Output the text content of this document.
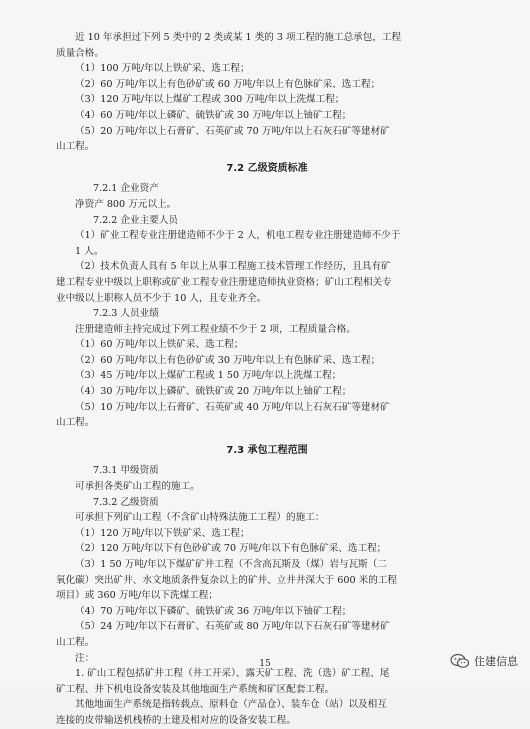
近 10 年承担过下列 5 类中的 2 类或某 1 类的 3 项工程的施工总承包，工程

质量合格。

（1）100 万吨/年以上铁矿采、选工程；

（2）60 万吨/年以上有色砂矿或 60 万吨/年以上有色脉矿采、选工程；

（3）120 万吨/年以上煤矿工程或 300 万吨/年以上洗煤工程；

（4）60 万吨/年以上磷矿、硫铁矿或 30 万吨/年以上铀矿工程；

（5）20 万吨/年以上石膏矿、石英矿或 70 万吨/年以上石灰石矿等建材矿

山工程。

7.2 乙级资质标准

7.2.1 企业资产

净资产 800 万元以上。

7.2.2 企业主要人员

（1）矿业工程专业注册建造师不少于 2 人，机电工程专业注册建造师不少于

1 人。

（2）技术负责人具有 5 年以上从事工程施工技术管理工作经历，且具有矿

建工程专业中级以上职称或矿业工程专业注册建造师执业资格；矿山工程相关专

业中级以上职称人员不少于 10 人，且专业齐全。

7.2.3 人员业绩

注册建造师主持完成过下列工程业绩不少于 2 项，工程质量合格。

（1）60 万吨/年以上铁矿采、选工程；

（2）60 万吨/年以上有色砂矿或 30 万吨/年以上有色脉矿采、选工程；

（3）45 万吨/年以上煤矿工程或 1 50 万吨/年以上洗煤工程；

（4）30 万吨/年以上磷矿、硫铁矿或 20 万吨/年以上铀矿工程；

（5）10 万吨/年以上石膏矿、石英矿或 40 万吨/年以上石灰石矿等建材矿

山工程。

7.3 承包工程范围

7.3.1 甲级资质

可承担各类矿山工程的施工。

7.3.2 乙级资质

可承担下列矿山工程（不含矿山特殊法施工工程）的施工：

（1）120 万吨/年以下铁矿采、选工程；

（2）120 万吨/年以下有色砂矿或 70 万吨/年以下有色脉矿采、选工程；

（3）1 50 万吨/年以下煤矿矿井工程（不含高瓦斯及（煤）岩与瓦斯（二

氧化碳）突出矿井、水文地质条件复杂以上的矿井、立井井深大于 600 米的工程

项目）或 360 万吨/年以下洗煤工程；

（4）70 万吨/年以下磷矿、硫铁矿或 36 万吨/年以下铀矿工程；

（5）24 万吨/年以下石膏矿、石英矿或 80 万吨/年以下石灰石矿等建材矿

山工程。

注：

1. 矿山工程包括矿井工程（井工开采）、露天矿工程、洗（选）矿工程、尾

矿工程、井下机电设备安装及其他地面生产系统和矿区配套工程。

其他地面生产系统是指转载点、原料仓（产品仓）、装车仓（站）以及相互

连接的皮带输送机栈桥的土建及相对应的设备安装工程。

15	住建信息
